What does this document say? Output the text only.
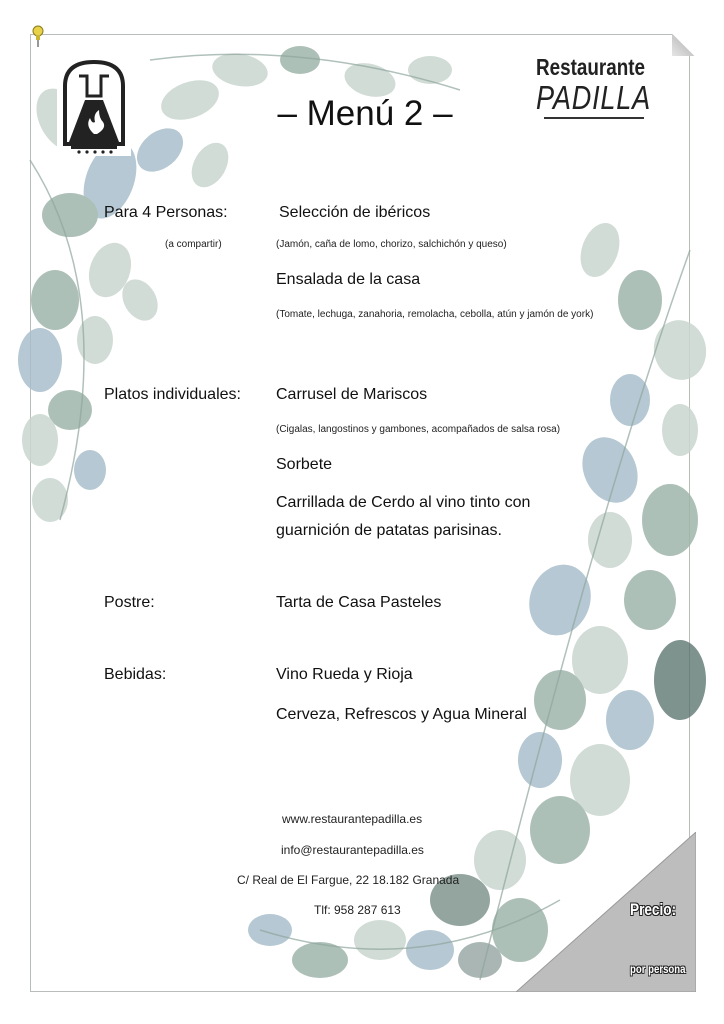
Restaurante
PADILLA
– Menú 2 –
Para 4 Personas:
(a compartir)
Selección de ibéricos
(Jamón, caña de lomo, chorizo, salchichón y queso)
Ensalada de la casa
(Tomate, lechuga, zanahoria, remolacha, cebolla, atún y jamón de york)
Platos individuales: Carrusel de Mariscos
(Cigalas, langostinos y gambones, acompañados de salsa rosa)
Sorbete
Carrillada de Cerdo al vino tinto con guarnición de patatas parisinas.
Postre:	Tarta de Casa Pasteles
Bebidas:	Vino Rueda y Rioja
Cerveza, Refrescos y Agua Mineral
www.restaurantepadilla.es
info@restaurantepadilla.es
C/ Real de El Fargue, 22 18.182 Granada
Tlf: 958 287 613	Precio:
por persona
